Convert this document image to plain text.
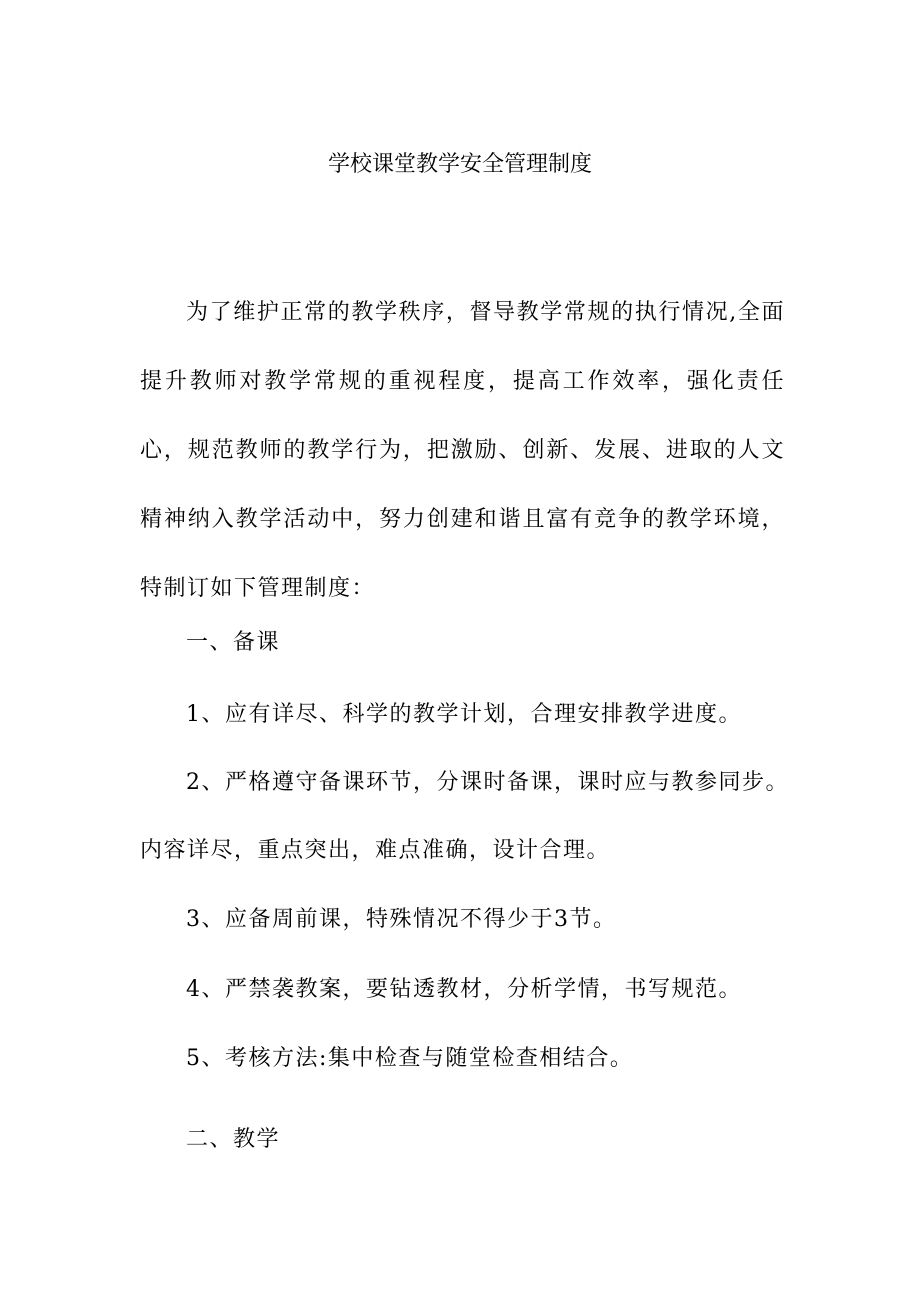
学校课堂教学安全管理制度
为了维护正常的教学秩序，督导教学常规的执行情况,全面提升教师对教学常规的重视程度，提高工作效率，强化责任心，规范教师的教学行为，把激励、创新、发展、进取的人文精神纳入教学活动中，努力创建和谐且富有竞争的教学环境，特制订如下管理制度：
一、备课
1、应有详尽、科学的教学计划，合理安排教学进度。
2、严格遵守备课环节，分课时备课，课时应与教参同步。
内容详尽，重点突出，难点准确，设计合理。
3、应备周前课，特殊情况不得少于3节。
4、严禁袭教案，要钻透教材，分析学情，书写规范。
5、考核方法:集中检查与随堂检查相结合。
二、教学
